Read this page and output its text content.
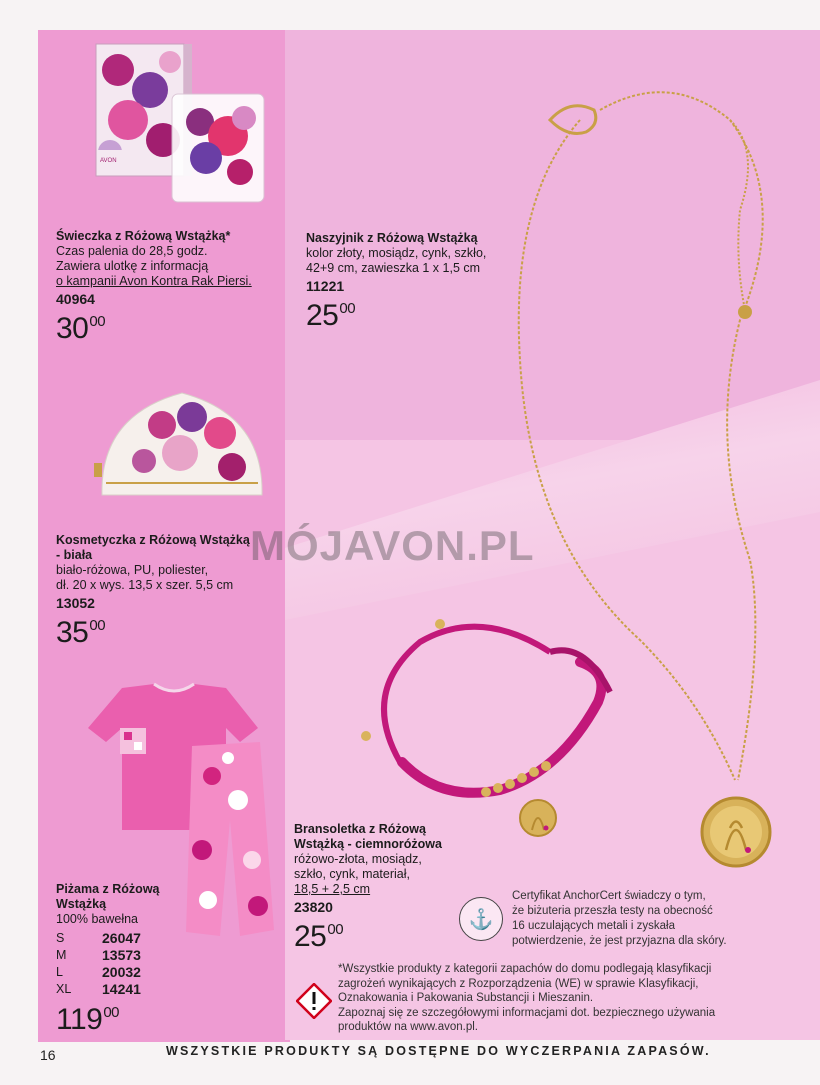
AVON
Świeczka z Różową Wstążką*
Czas palenia do 28,5 godz.
Zawiera ulotkę z informacją
o kampanii Avon Kontra Rak Piersi.
40964
$30^{00}$
Kosmetyczka z Różową Wstążką
- biała
biało-różowa, PU, poliester,
dł. 20 x wys. 13,5 x szer. 5,5 cm
13052
$35^{00}$
Piżama z Różową
Wstążką
100% bawełna
S	26047
M	13573
L	20032
XL	14241
$119^{00}$
Naszyjnik z Różową Wstążką
kolor złoty, mosiądz, cynk, szkło,
42+9 cm, zawieszka 1 x 1,5 cm
11221
$25^{00}$
Bransoletka z Różową
Wstążką - ciemnoróżowa
różowo-złota, mosiądz,
szkło, cynk, materiał,
18,5 + 2,5 cm
23820
$25^{00}$
MÓJAVON.PL
⚓
Certyfikat AnchorCert świadczy o tym,
że biżuteria przeszła testy na obecność
16 uczulających metali i zyskała
potwierdzenie, że jest przyjazna dla skóry.
*Wszystkie produkty z kategorii zapachów do domu podlegają klasyfikacji
zagrożeń wynikających z Rozporządzenia (WE) w sprawie Klasyfikacji,
Oznakowania i Pakowania Substancji i Mieszanin.
Zapoznaj się ze szczegółowymi informacjami dot. bezpiecznego używania
produktów na www.avon.pl.
16	WSZYSTKIE PRODUKTY SĄ DOSTĘPNE DO WYCZERPANIA ZAPASÓW.
